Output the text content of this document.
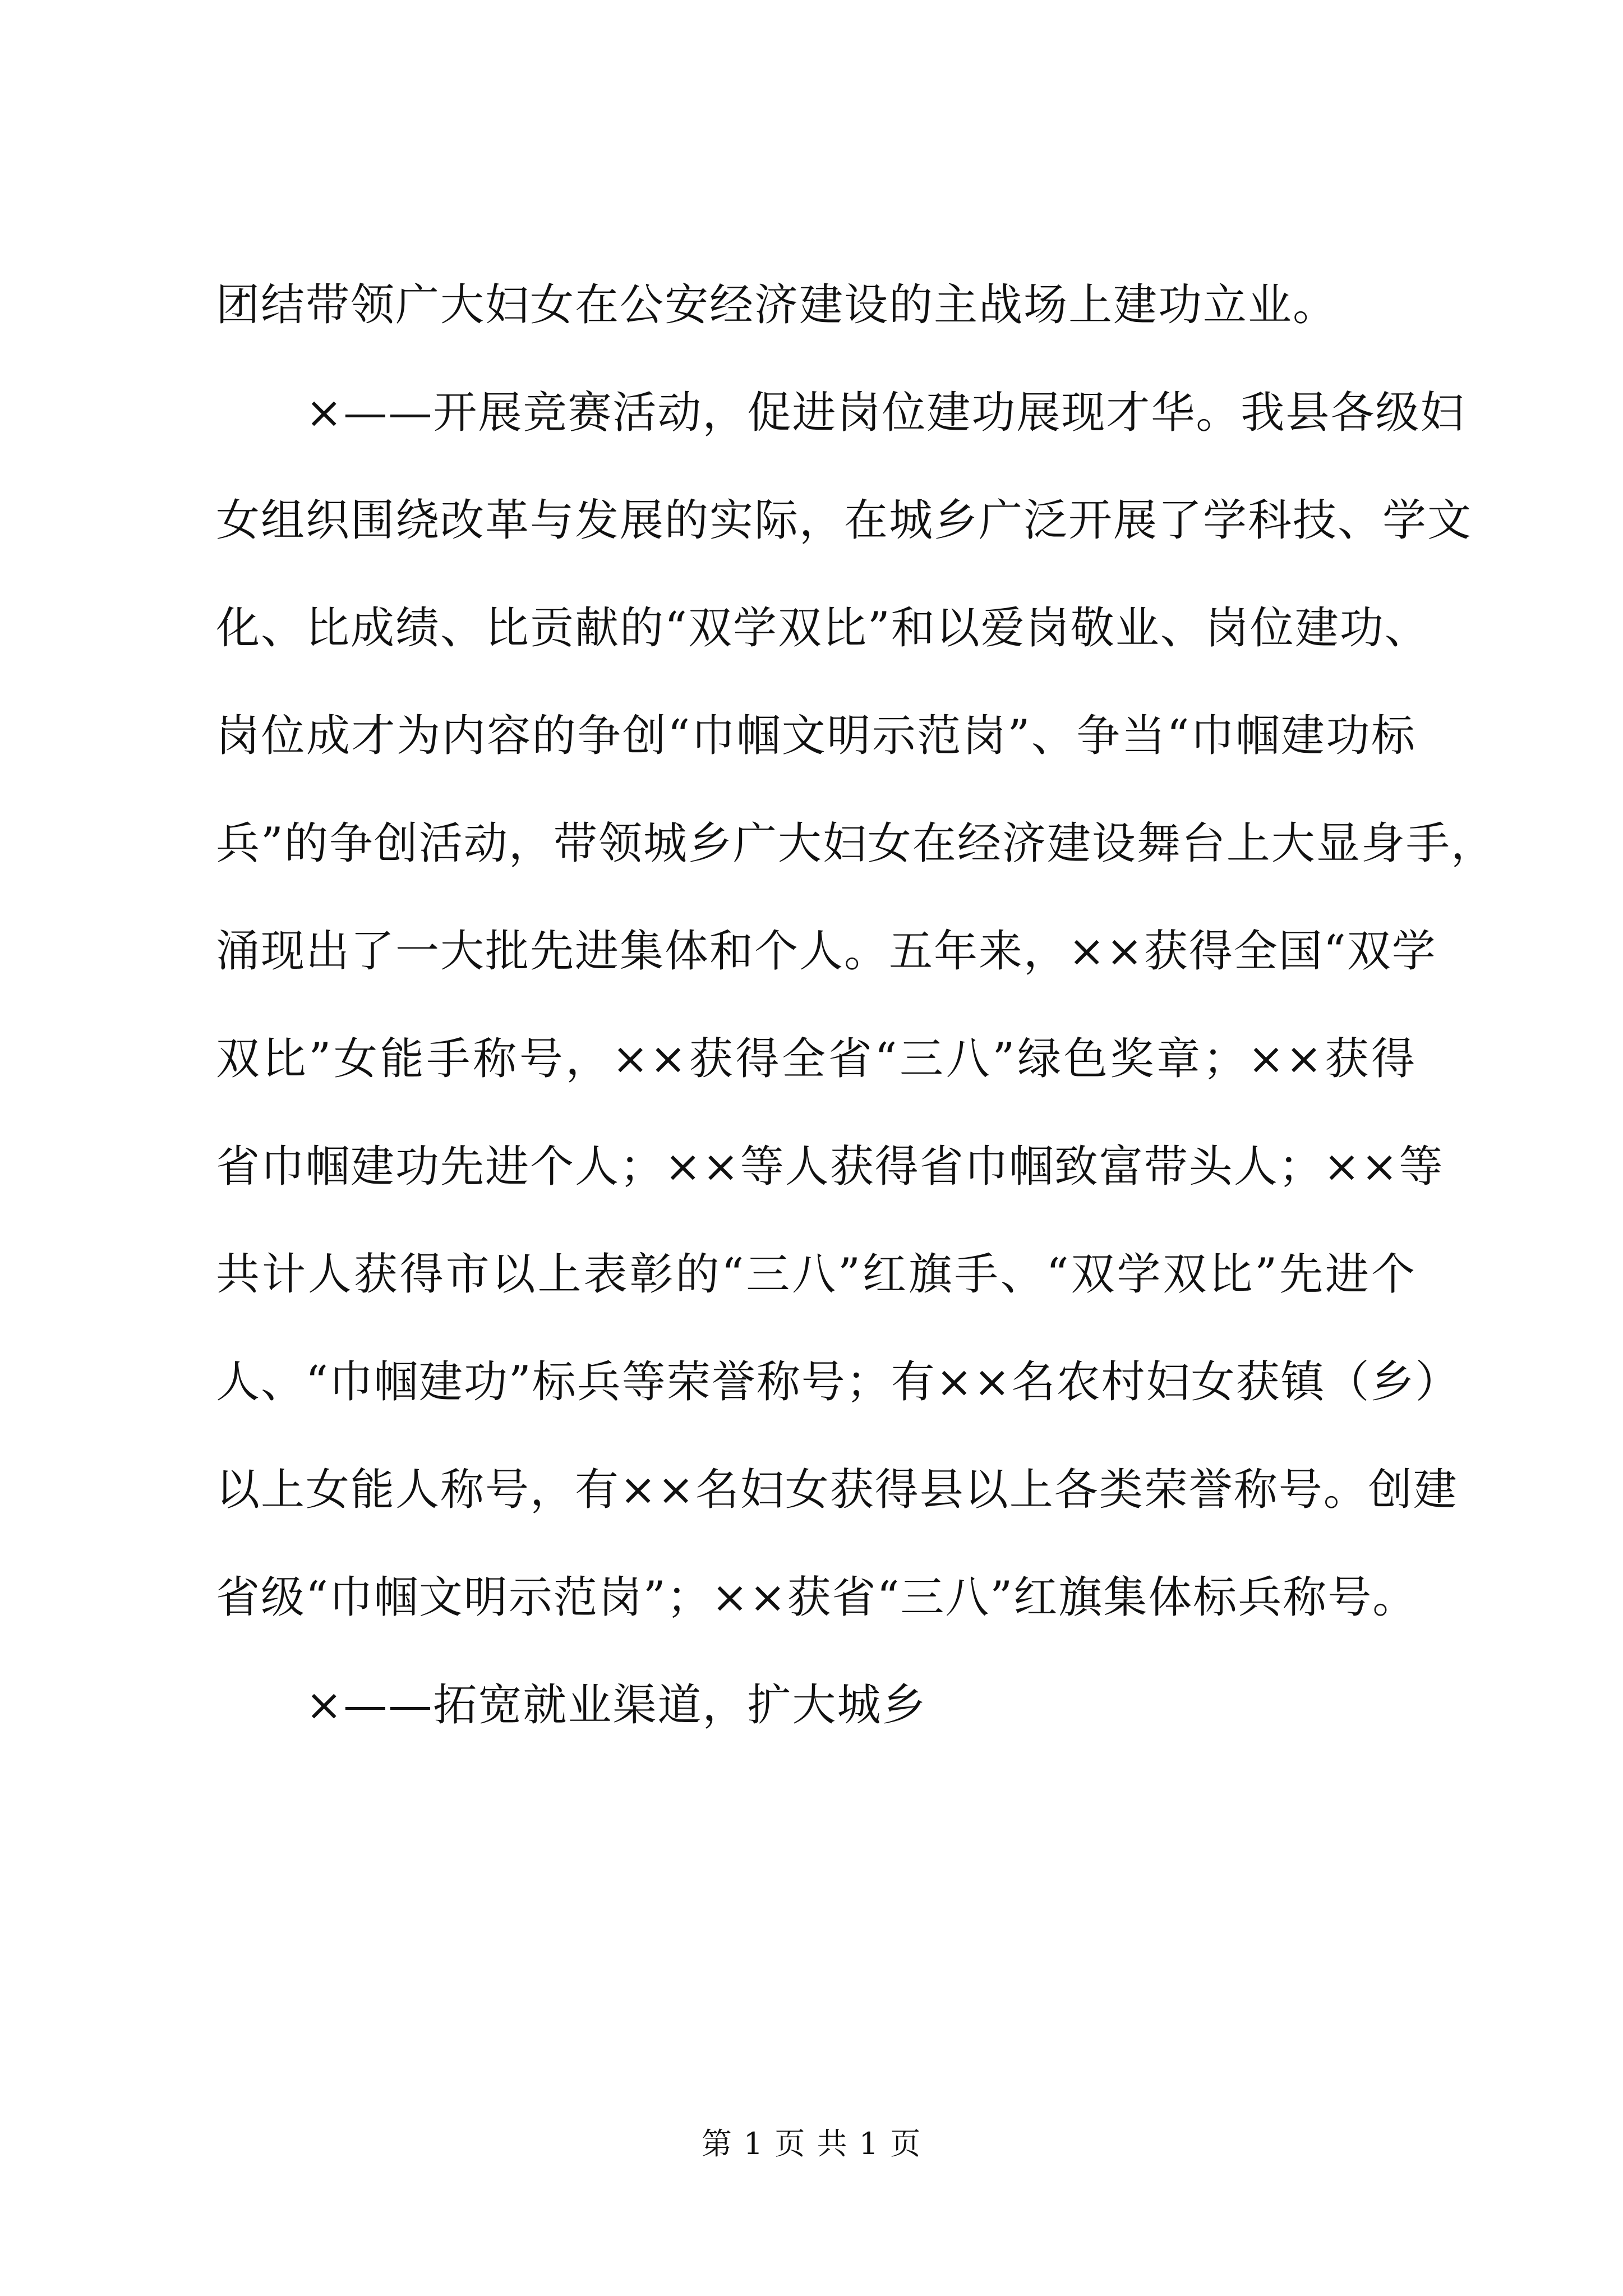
团结带领广大妇女在公安经济建设的主战场上建功立业。
×——开展竞赛活动，促进岗位建功展现才华。我县各级妇
女组织围绕改革与发展的实际，在城乡广泛开展了学科技、学文
化、比成绩、比贡献的“双学双比”和以爱岗敬业、岗位建功、
岗位成才为内容的争创“巾帼文明示范岗”、争当“巾帼建功标
兵”的争创活动，带领城乡广大妇女在经济建设舞台上大显身手，
涌现出了一大批先进集体和个人。五年来，××获得全国“双学
双比”女能手称号，××获得全省“三八”绿色奖章；××获得
省巾帼建功先进个人；××等人获得省巾帼致富带头人；××等
共计人获得市以上表彰的“三八”红旗手、“双学双比”先进个
人、“巾帼建功”标兵等荣誉称号；有××名农村妇女获镇（乡）
以上女能人称号，有××名妇女获得县以上各类荣誉称号。创建
省级“巾帼文明示范岗”；××获省“三八”红旗集体标兵称号。
×——拓宽就业渠道，扩大城乡
第 1 页 共 1 页
